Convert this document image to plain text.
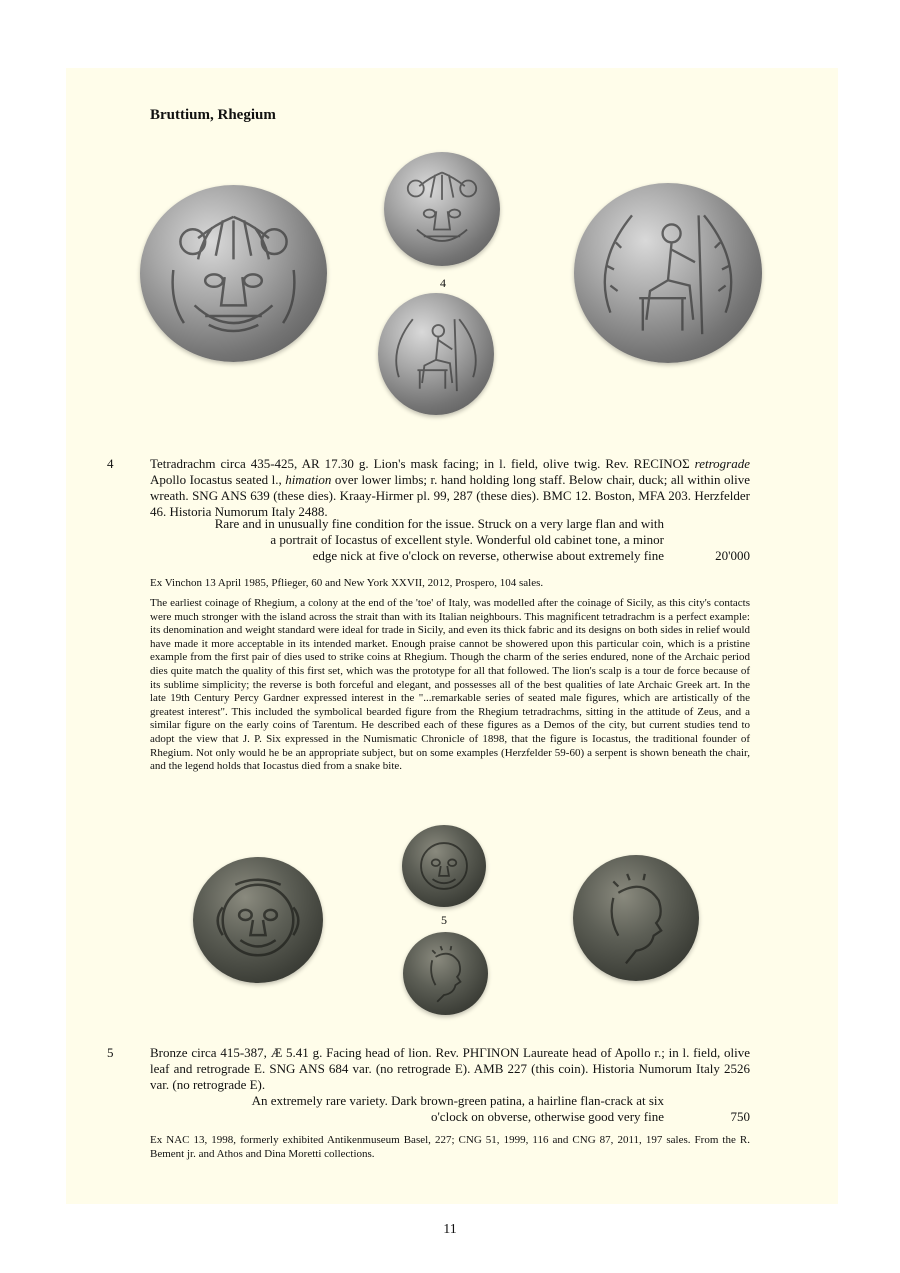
Bruttium, Rhegium
4
4	Tetradrachm circa 435-425, AR 17.30 g. Lion's mask facing; in l. field, olive twig. Rev. RECINOΣ retrograde Apollo Iocastus seated l., himation over lower limbs; r. hand holding long staff. Below chair, duck; all within olive wreath. SNG ANS 639 (these dies). Kraay-Hirmer pl. 99, 287 (these dies). BMC 12. Boston, MFA 203. Herzfelder 46. Historia Numorum Italy 2488.
Rare and in unusually fine condition for the issue. Struck on a very large flan and with
a portrait of Iocastus of excellent style. Wonderful old cabinet tone, a minor
edge nick at five o'clock on reverse, otherwise about extremely fine	20'000
Ex Vinchon 13 April 1985, Pflieger, 60 and New York XXVII, 2012, Prospero, 104 sales.
The earliest coinage of Rhegium, a colony at the end of the 'toe' of Italy, was modelled after the coinage of Sicily, as this city's contacts were much stronger with the island across the strait than with its Italian neighbours. This magnificent tetradrachm is a perfect example: its denomination and weight standard were ideal for trade in Sicily, and even its thick fabric and its designs on both sides in relief would have made it more acceptable in its intended market. Enough praise cannot be showered upon this particular coin, which is a pristine example from the first pair of dies used to strike coins at Rhegium. Though the charm of the series endured, none of the Archaic period dies quite match the quality of this first set, which was the prototype for all that followed. The lion's scalp is a tour de force because of its sublime simplicity; the reverse is both forceful and elegant, and possesses all of the best qualities of late Archaic Greek art. In the late 19th Century Percy Gardner expressed interest in the "...remarkable series of seated male figures, which are artistically of the greatest interest". This included the symbolical bearded figure from the Rhegium tetradrachms, sitting in the attitude of Zeus, and a similar figure on the early coins of Tarentum. He described each of these figures as a Demos of the city, but current studies tend to adopt the view that J. P. Six expressed in the Numismatic Chronicle of 1898, that the figure is Iocastus, the traditional founder of Rhegium. Not only would he be an appropriate subject, but on some examples (Herzfelder 59-60) a serpent is shown beneath the chair, and the legend holds that Iocastus died from a snake bite.
5
5	Bronze circa 415-387, Æ 5.41 g. Facing head of lion. Rev. PHΓINON Laureate head of Apollo r.; in l. field, olive leaf and retrograde E. SNG ANS 684 var. (no retrograde E). AMB 227 (this coin). Historia Numorum Italy 2526 var. (no retrograde E).
An extremely rare variety. Dark brown-green patina, a hairline flan-crack at six
o'clock on obverse, otherwise good very fine	750
Ex NAC 13, 1998, formerly exhibited Antikenmuseum Basel, 227; CNG 51, 1999, 116 and CNG 87, 2011, 197 sales. From the R. Bement jr. and Athos and Dina Moretti collections.
11
